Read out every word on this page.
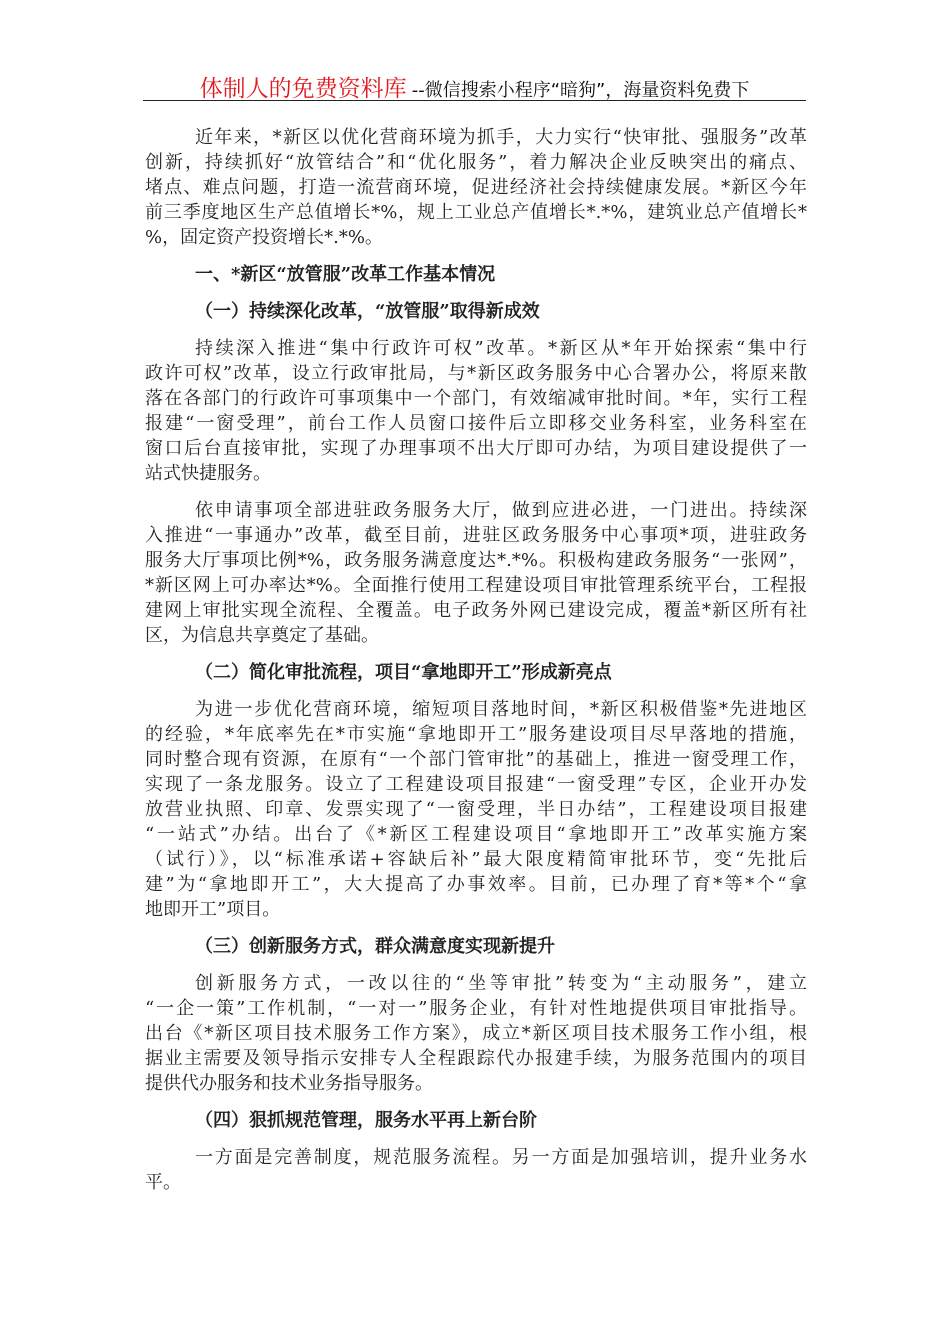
体制人的免费资料库 --微信搜索小程序“暗狗”，海量资料免费下
近年来，*新区以优化营商环境为抓手，大力实行“快审批、强服务”改革
创新，持续抓好“放管结合”和“优化服务”，着力解决企业反映突出的痛点、
堵点、难点问题，打造一流营商环境，促进经济社会持续健康发展。*新区今年
前三季度地区生产总值增长*%，规上工业总产值增长*.*%，建筑业总产值增长*
%，固定资产投资增长*.*%。
一、*新区“放管服”改革工作基本情况
（一）持续深化改革，“放管服”取得新成效
持续深入推进“集中行政许可权”改革。*新区从*年开始探索“集中行
政许可权”改革，设立行政审批局，与*新区政务服务中心合署办公，将原来散
落在各部门的行政许可事项集中一个部门，有效缩减审批时间。*年，实行工程
报建“一窗受理”，前台工作人员窗口接件后立即移交业务科室，业务科室在
窗口后台直接审批，实现了办理事项不出大厅即可办结，为项目建设提供了一
站式快捷服务。
依申请事项全部进驻政务服务大厅，做到应进必进，一门进出。持续深
入推进“一事通办”改革，截至目前，进驻区政务服务中心事项*项，进驻政务
服务大厅事项比例*%，政务服务满意度达*.*%。积极构建政务服务“一张网”，
*新区网上可办率达*%。全面推行使用工程建设项目审批管理系统平台，工程报
建网上审批实现全流程、全覆盖。电子政务外网已建设完成，覆盖*新区所有社
区，为信息共享奠定了基础。
（二）简化审批流程，项目“拿地即开工”形成新亮点
为进一步优化营商环境，缩短项目落地时间，*新区积极借鉴*先进地区
的经验，*年底率先在*市实施“拿地即开工”服务建设项目尽早落地的措施，
同时整合现有资源，在原有“一个部门管审批”的基础上，推进一窗受理工作，
实现了一条龙服务。设立了工程建设项目报建“一窗受理”专区，企业开办发
放营业执照、印章、发票实现了“一窗受理，半日办结”，工程建设项目报建
“一站式”办结。出台了《*新区工程建设项目“拿地即开工”改革实施方案
（试行）》，以“标准承诺+容缺后补”最大限度精简审批环节，变“先批后
建”为“拿地即开工”，大大提高了办事效率。目前，已办理了育*等*个“拿
地即开工”项目。
（三）创新服务方式，群众满意度实现新提升
创新服务方式，一改以往的“坐等审批”转变为“主动服务”，建立
“一企一策”工作机制，“一对一”服务企业，有针对性地提供项目审批指导。
出台《*新区项目技术服务工作方案》，成立*新区项目技术服务工作小组，根
据业主需要及领导指示安排专人全程跟踪代办报建手续，为服务范围内的项目
提供代办服务和技术业务指导服务。
（四）狠抓规范管理，服务水平再上新台阶
一方面是完善制度，规范服务流程。另一方面是加强培训，提升业务水
平。
